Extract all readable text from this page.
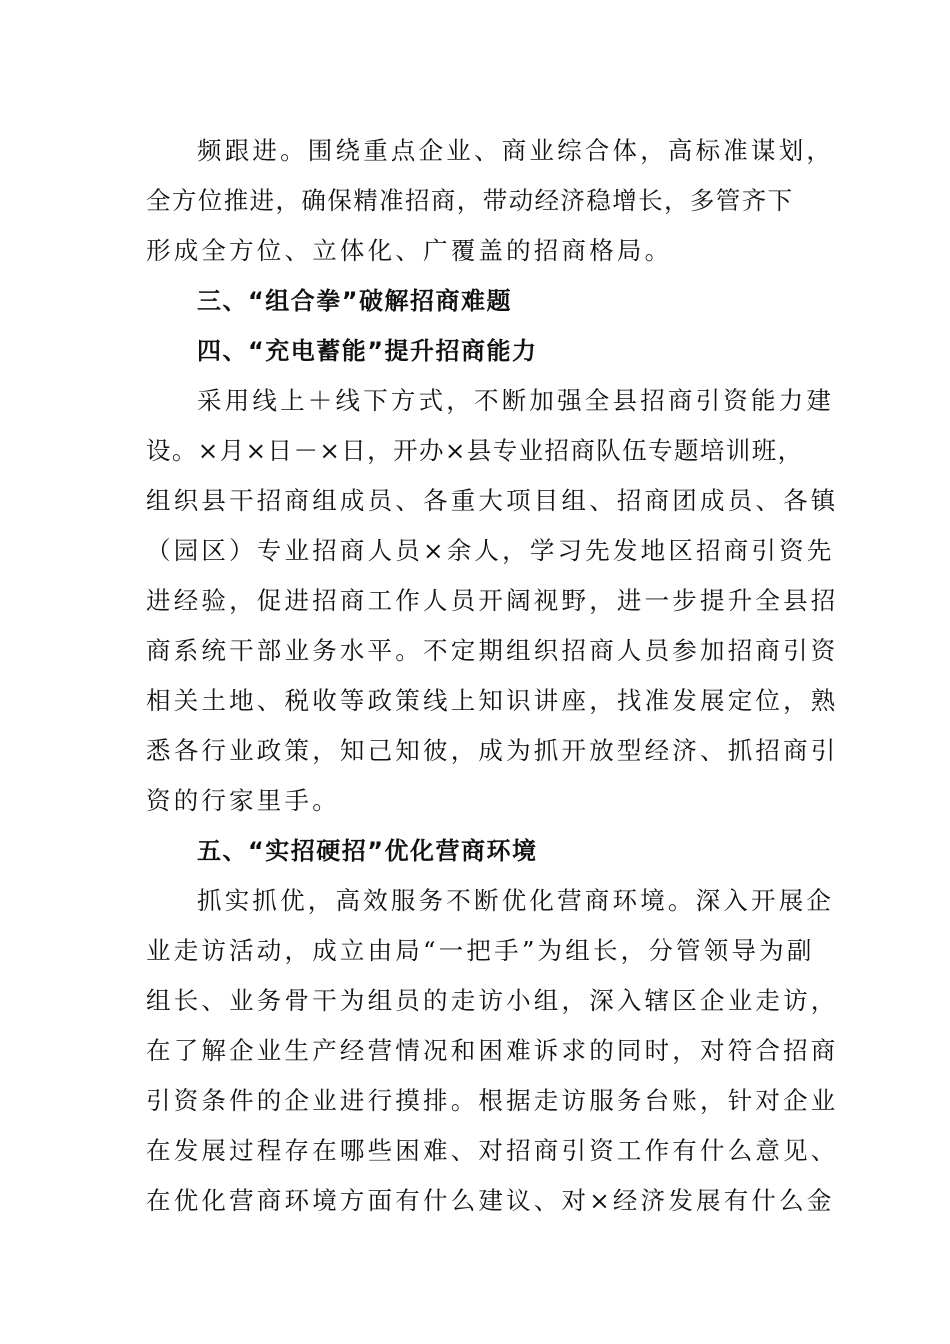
频跟进。围绕重点企业、商业综合体，高标准谋划，
全方位推进，确保精准招商，带动经济稳增长，多管齐下
形成全方位、立体化、广覆盖的招商格局。
三、“组合拳”破解招商难题
四、“充电蓄能”提升招商能力
采用线上＋线下方式，不断加强全县招商引资能力建
设。×月×日－×日，开办×县专业招商队伍专题培训班，
组织县干招商组成员、各重大项目组、招商团成员、各镇
（园区）专业招商人员×余人，学习先发地区招商引资先
进经验，促进招商工作人员开阔视野，进一步提升全县招
商系统干部业务水平。不定期组织招商人员参加招商引资
相关土地、税收等政策线上知识讲座，找准发展定位，熟
悉各行业政策，知己知彼，成为抓开放型经济、抓招商引
资的行家里手。
五、“实招硬招”优化营商环境
抓实抓优，高效服务不断优化营商环境。深入开展企
业走访活动，成立由局“一把手”为组长，分管领导为副
组长、业务骨干为组员的走访小组，深入辖区企业走访，
在了解企业生产经营情况和困难诉求的同时，对符合招商
引资条件的企业进行摸排。根据走访服务台账，针对企业
在发展过程存在哪些困难、对招商引资工作有什么意见、
在优化营商环境方面有什么建议、对×经济发展有什么金
